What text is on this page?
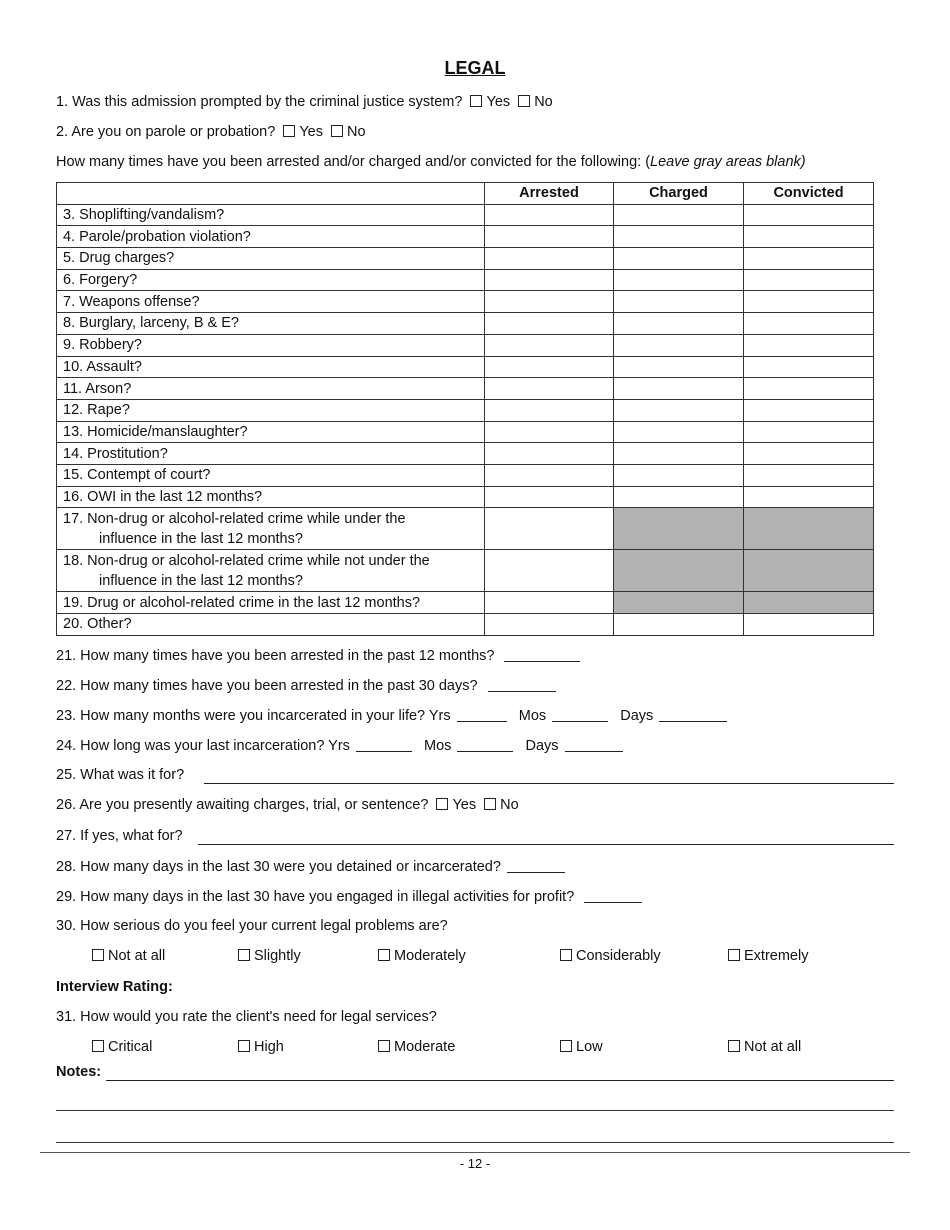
LEGAL
1. Was this admission prompted by the criminal justice system? Yes No
2. Are you on parole or probation? Yes No
How many times have you been arrested and/or charged and/or convicted for the following: (Leave gray areas blank)
	Arrested	Charged	Convicted
3. Shoplifting/vandalism?			
4. Parole/probation violation?			
5. Drug charges?			
6. Forgery?			
7. Weapons offense?			
8. Burglary, larceny, B & E?			
9. Robbery?			
10. Assault?			
11. Arson?			
12. Rape?			
13. Homicide/manslaughter?			
14. Prostitution?			
15. Contempt of court?			
16. OWI in the last 12 months?			

17. Non-drug or alcohol-related crime while under the
influence in the last 12 months?			

18. Non-drug or alcohol-related crime while not under the
influence in the last 12 months?			

19. Drug or alcohol-related crime in the last 12 months?			
20. Other?			
21. How many times have you been arrested in the past 12 months?
22. How many times have you been arrested in the past 30 days?
23. How many months were you incarcerated in your life? Yrs	Mos	Days
24. How long was your last incarceration? Yrs	Mos	Days
25. What was it for?
26. Are you presently awaiting charges, trial, or sentence? Yes No
27. If yes, what for?
28. How many days in the last 30 were you detained or incarcerated?
29. How many days in the last 30 have you engaged in illegal activities for profit?
30. How serious do you feel your current legal problems are?
Not at all	Slightly	Moderately	Considerably	Extremely
Interview Rating:
31. How would you rate the client's need for legal services?
Critical	High	Moderate	Low	Not at all
Notes:
- 12 -
